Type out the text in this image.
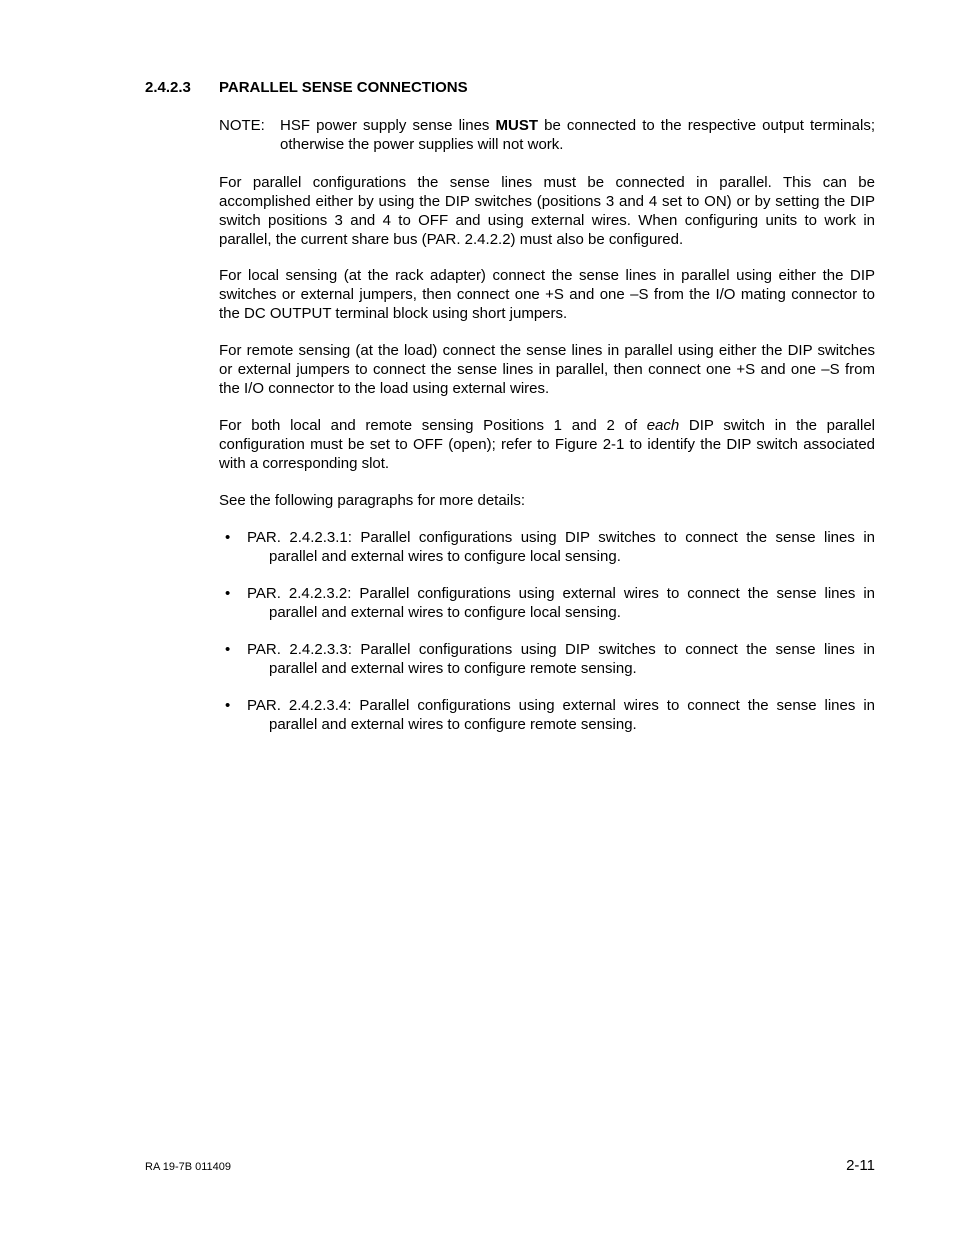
2.4.2.3 PARALLEL SENSE CONNECTIONS
NOTE: HSF power supply sense lines MUST be connected to the respective output terminals; otherwise the power supplies will not work.
For parallel configurations the sense lines must be connected in parallel. This can be accomplished either by using the DIP switches (positions 3 and 4 set to ON) or by setting the DIP switch positions 3 and 4 to OFF and using external wires. When configuring units to work in parallel, the current share bus (PAR. 2.4.2.2) must also be configured.
For local sensing (at the rack adapter) connect the sense lines in parallel using either the DIP switches or external jumpers, then connect one +S and one –S from the I/O mating connector to the DC OUTPUT terminal block using short jumpers.
For remote sensing (at the load) connect the sense lines in parallel using either the DIP switches or external jumpers to connect the sense lines in parallel, then connect one +S and one –S from the I/O connector to the load using external wires.
For both local and remote sensing Positions 1 and 2 of each DIP switch in the parallel configuration must be set to OFF (open); refer to Figure 2-1 to identify the DIP switch associated with a corresponding slot.
See the following paragraphs for more details:
• PAR. 2.4.2.3.1: Parallel configurations using DIP switches to connect the sense lines in parallel and external wires to configure local sensing.
• PAR. 2.4.2.3.2: Parallel configurations using external wires to connect the sense lines in parallel and external wires to configure local sensing.
• PAR. 2.4.2.3.3: Parallel configurations using DIP switches to connect the sense lines in parallel and external wires to configure remote sensing.
• PAR. 2.4.2.3.4: Parallel configurations using external wires to connect the sense lines in parallel and external wires to configure remote sensing.
RA 19-7B 011409	2-11
